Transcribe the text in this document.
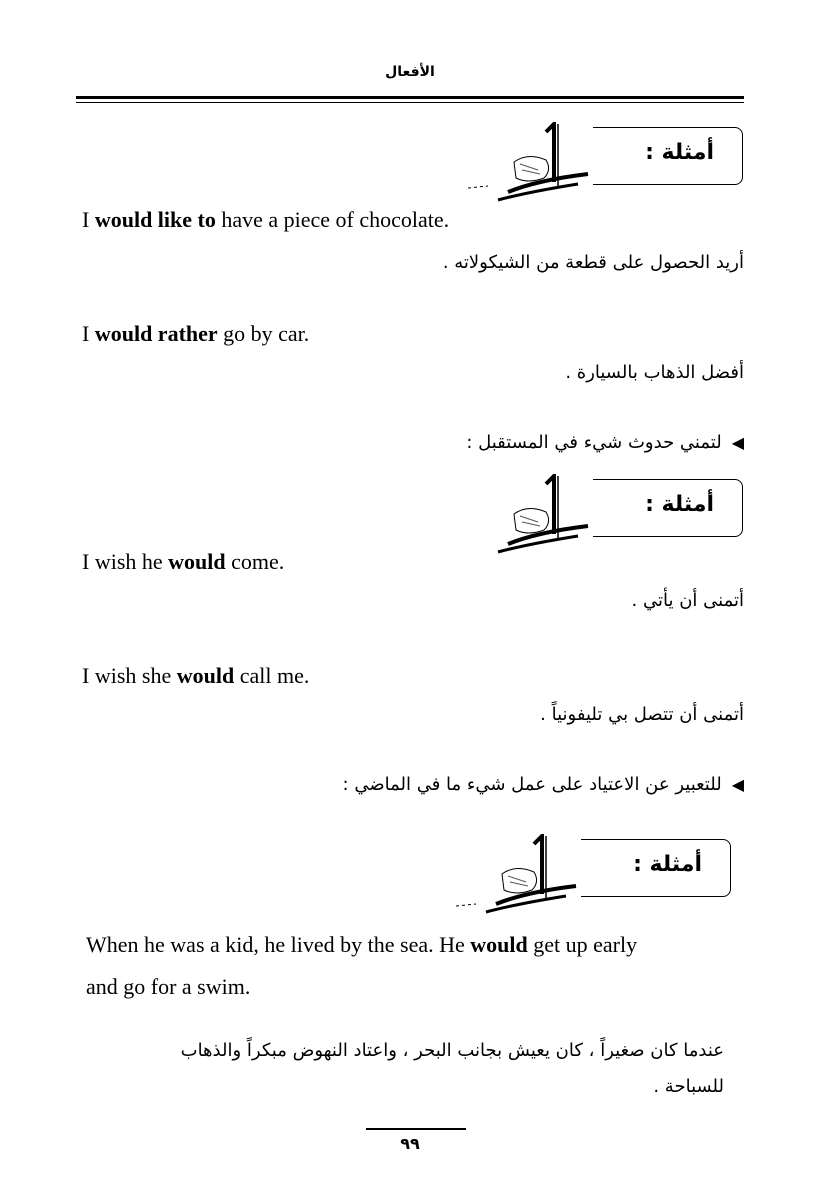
الأفعال
أمثلة :
I would like to have a piece of chocolate.
أريد الحصول على قطعة من الشيكولاته .
I would rather go by car.
أفضل الذهاب بالسيارة .
◀لتمني حدوث شيء في المستقبل :
أمثلة :
I wish he would come.
أتمنى أن يأتي .
I wish she would call me.
أتمنى أن تتصل بي تليفونياً .
◀للتعبير عن الاعتياد على عمل شيء ما في الماضي :
أمثلة :
When he was a kid, he lived by the sea. He would get up early
and go for a swim.
عندما كان صغيراً ، كان يعيش بجانب البحر ، واعتاد النهوض مبكراً والذهاب
للسباحة .
٩٩
